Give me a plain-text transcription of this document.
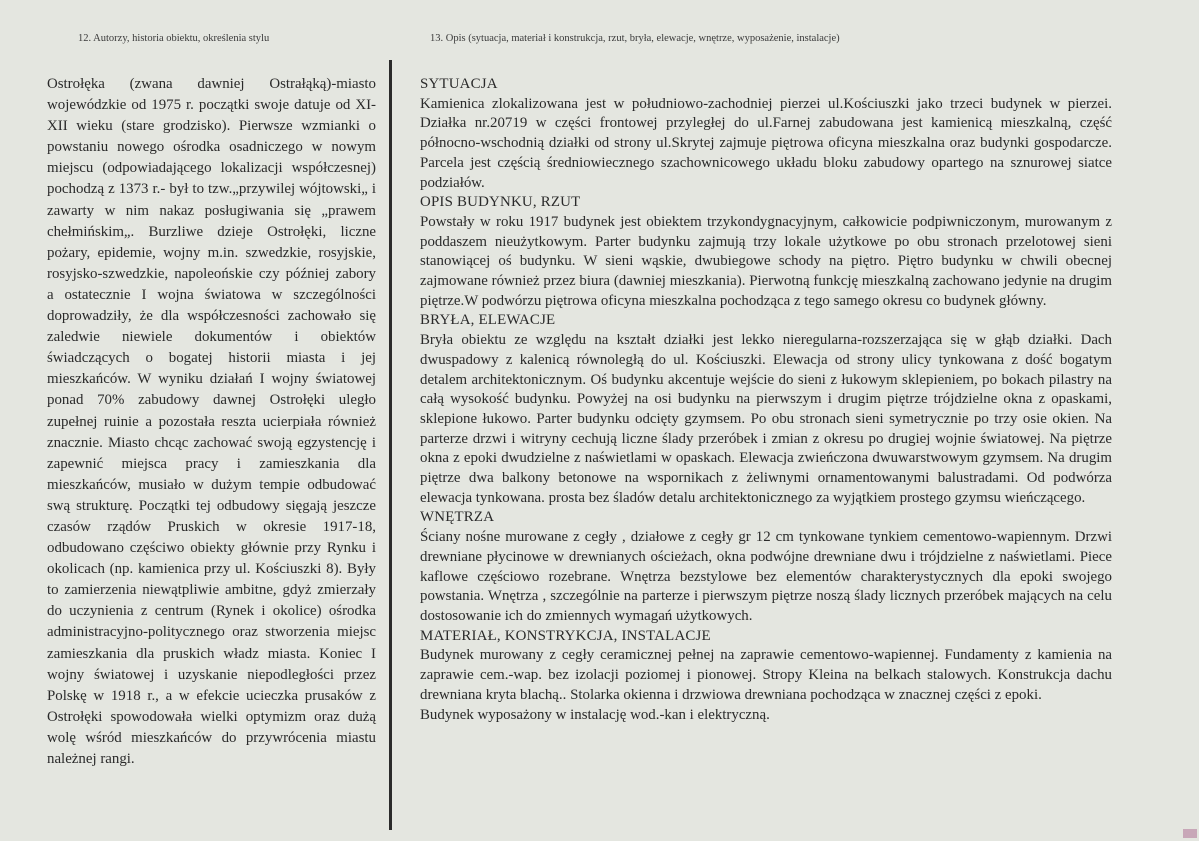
12. Autorzy, historia obiektu, określenia stylu	13. Opis (sytuacja, materiał i konstrukcja, rzut, bryła, elewacje, wnętrze, wyposażenie, instalacje)
Ostrołęka (zwana dawniej Ostrałąką)-miasto wojewódzkie od 1975 r. początki swoje datuje od XI-XII wieku (stare grodzisko). Pierwsze wzmianki o powstaniu nowego ośrodka osadniczego w nowym miejscu (odpowiadającego lokalizacji współczesnej) pochodzą z 1373 r.- był to tzw.„przywilej wójtowski„ i zawarty w nim nakaz posługiwania się „prawem chełmińskim„. Burzliwe dzieje Ostrołęki, liczne pożary, epidemie, wojny m.in. szwedzkie, rosyjskie, rosyjsko-szwedzkie, napoleońskie czy później zabory a ostatecznie I wojna światowa w szczególności doprowadziły, że dla współczesności zachowało się zaledwie niewiele dokumentów i obiektów świadczących o bogatej historii miasta i jej mieszkańców. W wyniku działań I wojny światowej ponad 70% zabudowy dawnej Ostrołęki uległo zupełnej ruinie a pozostała reszta ucierpiała również znacznie. Miasto chcąc zachować swoją egzystencję i zapewnić miejsca pracy i zamieszkania dla mieszkańców, musiało w dużym tempie odbudować swą strukturę. Początki tej odbudowy sięgają jeszcze czasów rządów Pruskich w okresie 1917-18, odbudowano częściwo obiekty głównie przy Rynku i okolicach (np. kamienica przy ul. Kościuszki 8). Były to zamierzenia niewątpliwie ambitne, gdyż zmierzały do uczynienia z centrum (Rynek i okolice) ośrodka administracyjno-politycznego oraz stworzenia miejsc zamieszkania dla pruskich władz miasta. Koniec I wojny światowej i uzyskanie niepodległości przez Polskę w 1918 r., a w efekcie ucieczka prusaków z Ostrołęki spowodowała wielki optymizm oraz dużą wolę wśród mieszkańców do przywrócenia miastu należnej rangi.
SYTUACJA

Kamienica zlokalizowana jest w południowo-zachodniej pierzei ul.Kościuszki jako trzeci budynek w pierzei. Działka nr.20719 w części frontowej przyległej do ul.Farnej zabudowana jest kamienicą mieszkalną, część północno-wschodnią działki od strony ul.Skrytej zajmuje piętrowa oficyna mieszkalna oraz budynki gospodarcze. Parcela jest częścią średniowiecznego szachownicowego układu bloku zabudowy opartego na sznurowej siatce podziałów.

OPIS BUDYNKU, RZUT

Powstały w roku 1917 budynek jest obiektem trzykondygnacyjnym, całkowicie podpiwniczonym, murowanym z poddaszem nieużytkowym. Parter budynku zajmują trzy lokale użytkowe po obu stronach przelotowej sieni stanowiącej oś budynku. W sieni wąskie, dwubiegowe schody na piętro. Piętro budynku w chwili obecnej zajmowane również przez biura (dawniej mieszkania). Pierwotną funkcję mieszkalną zachowano jedynie na drugim piętrze.W podwórzu piętrowa oficyna mieszkalna pochodząca z tego samego okresu co budynek główny.

BRYŁA, ELEWACJE

Bryła obiektu ze względu na kształt działki jest lekko nieregularna-rozszerzająca się w głąb działki. Dach dwuspadowy z kalenicą równoległą do ul. Kościuszki. Elewacja od strony ulicy tynkowana z dość bogatym detalem architektonicznym. Oś budynku akcentuje wejście do sieni z łukowym sklepieniem, po bokach pilastry na całą wysokość budynku. Powyżej na osi budynku na pierwszym i drugim piętrze trójdzielne okna z opaskami, sklepione łukowo. Parter budynku odcięty gzymsem. Po obu stronach sieni symetrycznie po trzy osie okien. Na parterze drzwi i witryny cechują liczne ślady przeróbek i zmian z okresu po drugiej wojnie światowej. Na piętrze okna z epoki dwudzielne z naświetlami w opaskach. Elewacja zwieńczona dwuwarstwowym gzymsem. Na drugim piętrze dwa balkony betonowe na wspornikach z żeliwnymi ornamentowanymi balustradami. Od podwórza elewacja tynkowana. prosta bez śladów detalu architektonicznego za wyjątkiem prostego gzymsu wieńczącego.

WNĘTRZA

Ściany nośne murowane z cegły , działowe z cegły gr 12 cm tynkowane tynkiem cementowo-wapiennym. Drzwi drewniane płycinowe w drewnianych ościeżach, okna podwójne drewniane dwu i trójdzielne z naświetlami. Piece kaflowe częściowo rozebrane. Wnętrza bezstylowe bez elementów charakterystycznych dla epoki swojego powstania. Wnętrza , szczególnie na parterze i pierwszym piętrze noszą ślady licznych przeróbek mających na celu dostosowanie ich do zmiennych wymagań użytkowych.

MATERIAŁ, KONSTRYKCJA, INSTALACJE

Budynek murowany z cegły ceramicznej pełnej na zaprawie cementowo-wapiennej. Fundamenty z kamienia na zaprawie cem.-wap. bez izolacji poziomej i pionowej. Stropy Kleina na belkach stalowych. Konstrukcja dachu drewniana kryta blachą.. Stolarka okienna i drzwiowa drewniana pochodząca w znacznej części z epoki.

Budynek wyposażony w instalację wod.-kan i elektryczną.
